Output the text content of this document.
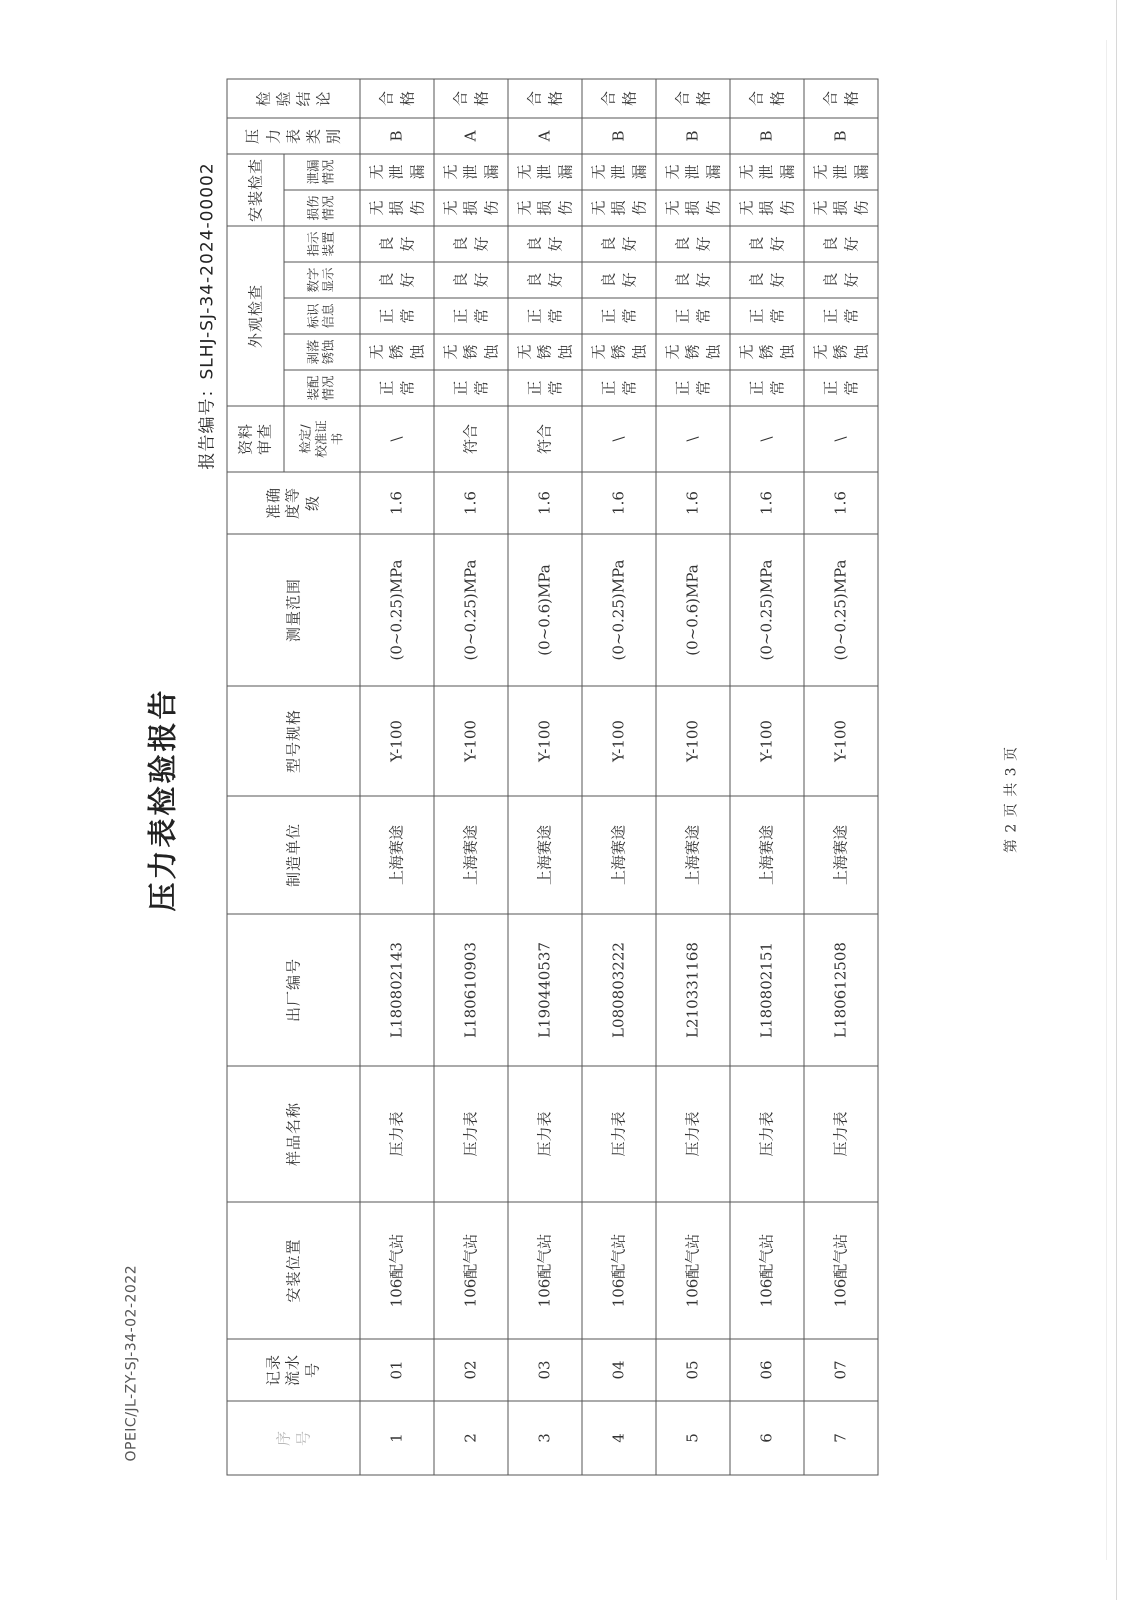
OPEIC/JL-ZY-SJ-34-02-2022
压力表检验报告
报告编号：SLHJ-SJ-34-2024-00002
序号	记录流水号	安装位置	样品名称	出厂编号	制造单位	型号规格	测量范围	准确度等级	资料审查	外观检查					安装检查		压力表类别	检验结论
										装配情况	剥落锈蚀	标识信息	数字显示	指示装置	损伤情况	泄漏情况		
									检定/校准证书									
1	01	106配气站	压力表	L180802143	上海赛途	Y-100	(0~0.25)MPa	1.6	\	正常	无锈蚀	正常	良好	良好	无损伤	无泄漏	B	合格
2	02	106配气站	压力表	L180610903	上海赛途	Y-100	(0~0.25)MPa	1.6	符合	正常	无锈蚀	正常	良好	良好	无损伤	无泄漏	A	合格
3	03	106配气站	压力表	L190440537	上海赛途	Y-100	(0~0.6)MPa	1.6	符合	正常	无锈蚀	正常	良好	良好	无损伤	无泄漏	A	合格
4	04	106配气站	压力表	L080803222	上海赛途	Y-100	(0~0.25)MPa	1.6	\	正常	无锈蚀	正常	良好	良好	无损伤	无泄漏	B	合格
5	05	106配气站	压力表	L210331168	上海赛途	Y-100	(0~0.6)MPa	1.6	\	正常	无锈蚀	正常	良好	良好	无损伤	无泄漏	B	合格
6	06	106配气站	压力表	L180802151	上海赛途	Y-100	(0~0.25)MPa	1.6	\	正常	无锈蚀	正常	良好	良好	无损伤	无泄漏	B	合格
7	07	106配气站	压力表	L180612508	上海赛途	Y-100	(0~0.25)MPa	1.6	\	正常	无锈蚀	正常	良好	良好	无损伤	无泄漏	B	合格
第 2 页 共 3 页
